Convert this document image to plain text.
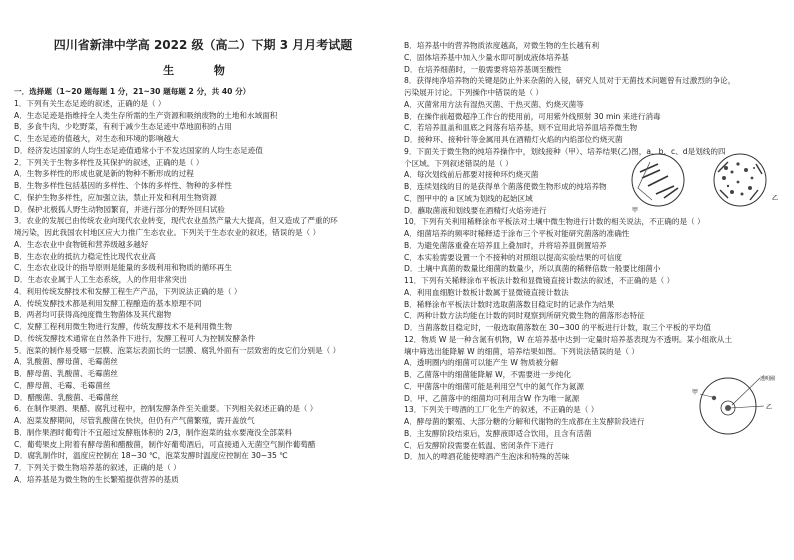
四川省新津中学高 2022 级（高二）下期 3 月月考试题
生 物
一．选择题（1~20 题每题 1 分，21~30 题每题 2 分，共 40 分）
1．下列有关生态足迹的叙述，正确的是（ ）
A．生态足迹是指维持全人类生存所需的生产资源和吸纳废物的土地和水域面积
B．多食牛肉、少吃野菜，有利于减少生态足迹中草地面积的占用
C．生态足迹的值越大，对生态和环境的影响越大
D．经济发达国家的人均生态足迹值通常小于不发达国家的人均生态足迹值
2．下列关于生物多样性及其保护的叙述，正确的是（ ）
A．生物多样性的形成也就是新的物种不断形成的过程
B．生物多样性包括基因的多样性、个体的多样性、物种的多样性
C．保护生物多样性，应加强立法，禁止开发和利用生物资源
D．保护北极狐人野生动物园繁育，并进行部分的野外回归试验
3．农业的发展已由传统农业向现代农业转变，现代农业虽然产量大大提高，但又造成了严重的环
境污染，因此我国农村地区应大力推广生态农业。下列关于生态农业的叙述，错误的是（ ）
A．生态农业中食物链和营养级越多越好
B．生态农业的抵抗力稳定性比现代农业高
C．生态农业设计的指导原则是能量的多级利用和物质的循环再生
D．生态农业属于人工生态系统，人的作用非常突出
4．利用传统发酵技术和发酵工程生产产品，下列说法正确的是（ ）
A．传统发酵技术都是利用发酵工程酿造的基本原理不同
B．两者均可获得高纯度微生物菌体及其代谢物
C．发酵工程利用微生物进行发酵，传统发酵技术不是利用微生物
D．传统发酵技术通常在自然条件下进行，发酵工程可人为控制发酵条件
5．泡菜的制作易受哪一层膜、泡菜坛表面长的一层膜、腐乳外面有一层致密的皮它们分别是（ ）
A．乳酸菌、酵母菌、毛霉菌丝
B．酵母菌、乳酸菌、毛霉菌丝
C．酵母菌、毛霉、毛霉菌丝
D．醋酸菌、乳酸菌、毛霉菌丝
6．在制作果酒、果醋、腐乳过程中，控制发酵条件至关重要。下列相关叙述正确的是（ ）
A．泡菜发酵期间，尽管乳酸菌在快快，但仍有产气菌繁殖，需开盖放气
B．制作果酒时葡萄汁不宜超过发酵瓶体积的 2/3，制作泡菜的盐水要淹没全部菜料
C．葡萄果皮上附着有酵母菌和醋酸菌，制作好葡萄酒后，可直接通入无菌空气制作葡萄醋
D．腐乳制作时，温度应控制在 18~30 ℃，泡菜发酵时温度应控制在 30~35 ℃
7．下列关于微生物培养基的叙述，正确的是（ ）
A．培养基是为微生物的生长繁殖提供营养的基质
B．培养基中的营养物质浓度越高，对微生物的生长越有利
C．固体培养基中加入少量水即可制成液体培养基
D．在培养细菌时，一般需要将培养基调至酸性
8．获得纯净培养物的关键是防止外来杂菌的入侵，研究人员对于无菌技术问题曾有过激烈的争论，
污染展开讨论。下列操作中错误的是（ ）
A．灭菌常用方法有湿热灭菌、干热灭菌、灼烧灭菌等
B．在操作前超微超净工作台的使用前，可用紫外线照射 30 min 来进行消毒
C．若培养皿盖和皿底之间落有培养基，则不宜用此培养皿培养微生物
D．接种环、接种针等金属用具在酒精灯火焰的内焰部位灼烧灭菌
9．下面关于微生物的纯培养操作中，划线接种（甲）、培养结果(乙)图，a、b、c、d是划线的四
个区域。下列叙述错误的是（ ）
A．每次划线前后都要对接种环灼烧灭菌
B．连续划线的目的是获得单个菌落使微生物形成的纯培养物
C．图甲中的 a 区域为划线的起始区域
D．蘸取菌液和划线要在酒精灯火焰旁进行
10．下列有关利用稀释涂布平板法对土壤中微生物进行计数的相关说法，不正确的是（ ）
A．细菌培养的频率时稀释适于涂布三个平板对能研究菌落的准确性
B．为避免菌落重叠在培养皿上叠加时，并将培养皿倒置培养
C．本实验需要设置一个不接种的对照组以提高实验结果的可信度
D．土壤中真菌的数量比细菌的数量少，所以真菌的稀释倍数一般要比细菌小
11．下列有关稀释涂布平板法计数和显微镜直接计数法的叙述，不正确的是（ ）
A．利用血细胞计数板计数属于显微镜直接计数法
B．稀释涂布平板法计数时选取菌落数目稳定时的记录作为结果
C．两种计数方法均能在计数的同时观察到所研究微生物的菌落形态特征
D．当菌落数目稳定时，一般选取菌落数在 30~300 的平板进行计数，取三个平板的平均值
12．物质 W 是一种含氮有机物，W 在培养基中达到一定量时培养基表现为不透明。某小组欲从土
壤中筛选出能降解 W 的细菌，培养结果如图。下列说法错误的是（ ）
A．透明圈内的细菌可以能产生 W 物质被分解
B．乙菌落中的细菌能降解 W，不需要进一步纯化
C．甲菌落中的细菌可能是利用空气中的氮气作为氮源
D．甲、乙菌落中的细菌均可利用含W 作为唯一氮源
13．下列关于啤酒的工厂化生产的叙述，不正确的是（ ）
A．酵母菌的繁殖、大部分糖的分解和代谢物的生成都在主发酵阶段进行
B．主发酵阶段结束后，发酵液即适合饮用，且含有活菌
C．后发酵阶段需要在低温、密闭条件下进行
D．加入的啤酒花能使啤酒产生泡沫和特殊的苦味
甲
乙
透明圈
甲
乙
